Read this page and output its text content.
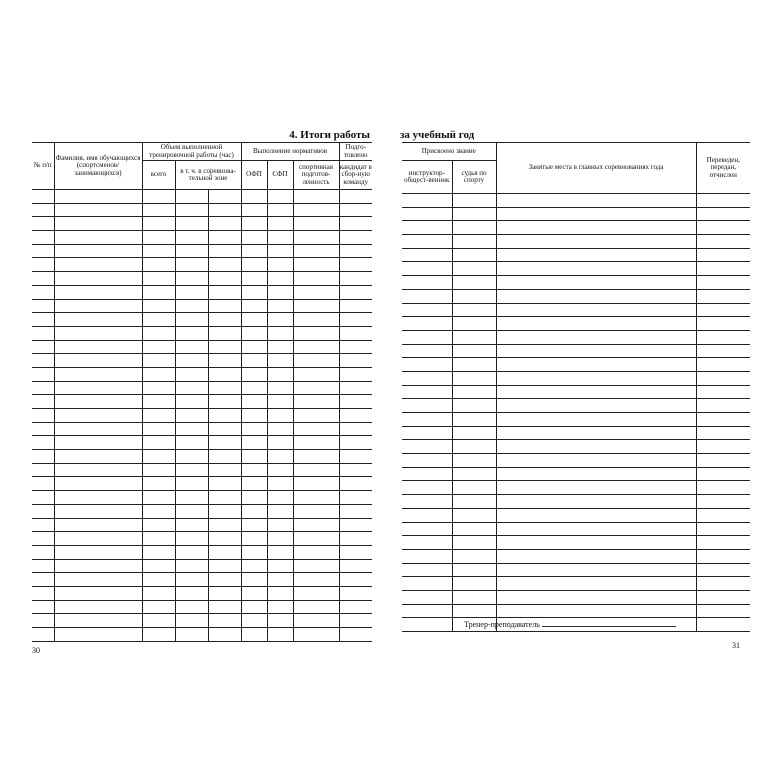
4. Итоги работы
№ п/п	Фамилия, имя обучающихся (спортсменов/ занимающихся)	Объем выполненной тренировочной работы (час)			Выполнение нормативов			Подго-товлено
		всего	в т. ч. в соревнова-тельной зоне		ОФП	СФП	спортивная подготов-ленность	кандидат в сбор-ную команду

30
за учебный год
Присвоено звание		Занятые места в главных соревнованиях года	Переведен, передан, отчислен
инструктор-общест-венник	судья по спорту		

Тренер-преподаватель
31
